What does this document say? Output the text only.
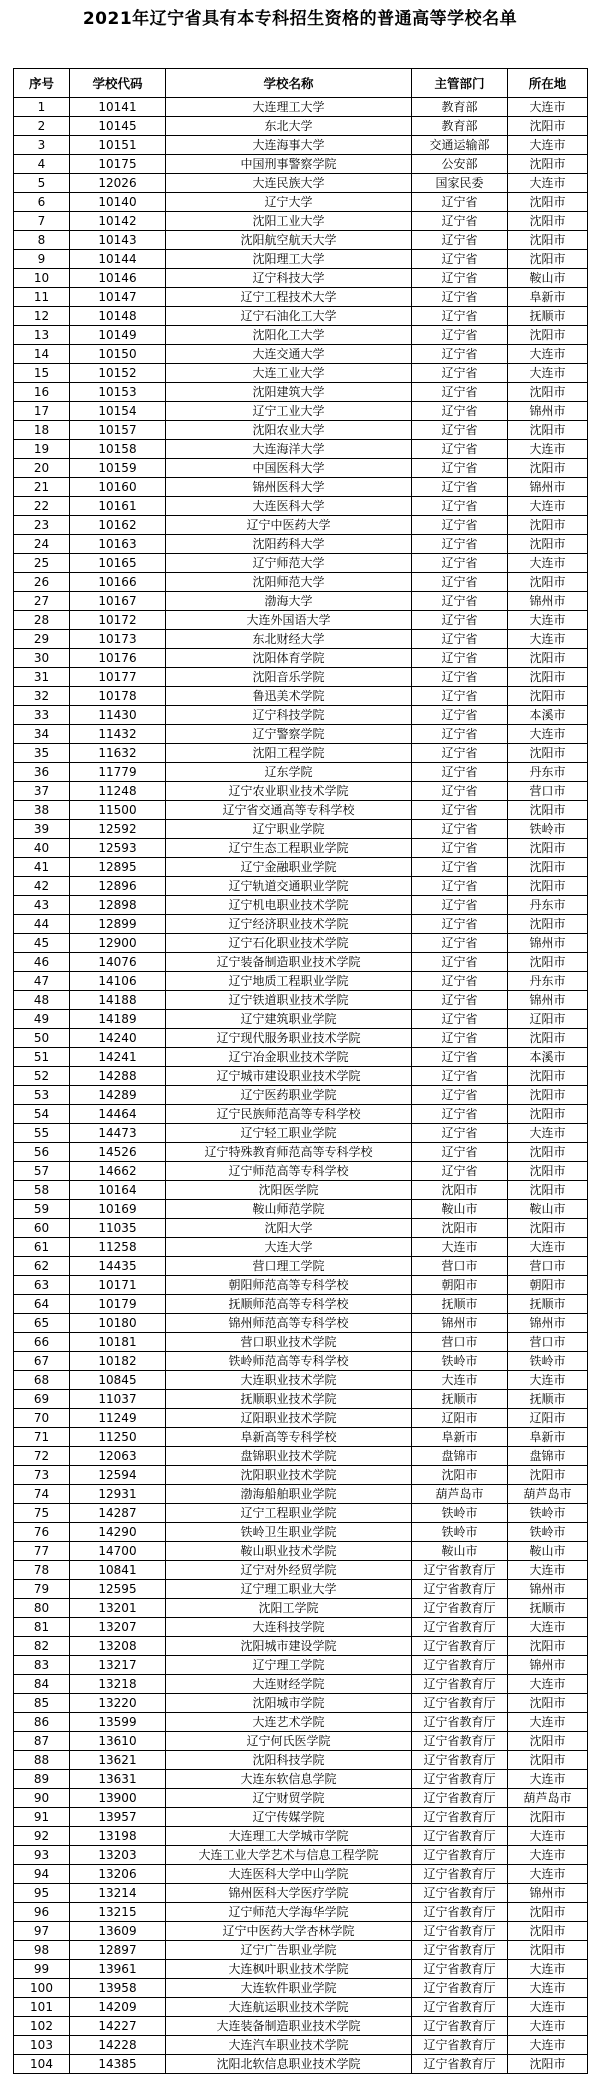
2021年辽宁省具有本专科招生资格的普通高等学校名单
序号	学校代码	学校名称	主管部门	所在地
1	10141	大连理工大学	教育部	大连市
2	10145	东北大学	教育部	沈阳市
3	10151	大连海事大学	交通运输部	大连市
4	10175	中国刑事警察学院	公安部	沈阳市
5	12026	大连民族大学	国家民委	大连市
6	10140	辽宁大学	辽宁省	沈阳市
7	10142	沈阳工业大学	辽宁省	沈阳市
8	10143	沈阳航空航天大学	辽宁省	沈阳市
9	10144	沈阳理工大学	辽宁省	沈阳市
10	10146	辽宁科技大学	辽宁省	鞍山市
11	10147	辽宁工程技术大学	辽宁省	阜新市
12	10148	辽宁石油化工大学	辽宁省	抚顺市
13	10149	沈阳化工大学	辽宁省	沈阳市
14	10150	大连交通大学	辽宁省	大连市
15	10152	大连工业大学	辽宁省	大连市
16	10153	沈阳建筑大学	辽宁省	沈阳市
17	10154	辽宁工业大学	辽宁省	锦州市
18	10157	沈阳农业大学	辽宁省	沈阳市
19	10158	大连海洋大学	辽宁省	大连市
20	10159	中国医科大学	辽宁省	沈阳市
21	10160	锦州医科大学	辽宁省	锦州市
22	10161	大连医科大学	辽宁省	大连市
23	10162	辽宁中医药大学	辽宁省	沈阳市
24	10163	沈阳药科大学	辽宁省	沈阳市
25	10165	辽宁师范大学	辽宁省	大连市
26	10166	沈阳师范大学	辽宁省	沈阳市
27	10167	渤海大学	辽宁省	锦州市
28	10172	大连外国语大学	辽宁省	大连市
29	10173	东北财经大学	辽宁省	大连市
30	10176	沈阳体育学院	辽宁省	沈阳市
31	10177	沈阳音乐学院	辽宁省	沈阳市
32	10178	鲁迅美术学院	辽宁省	沈阳市
33	11430	辽宁科技学院	辽宁省	本溪市
34	11432	辽宁警察学院	辽宁省	大连市
35	11632	沈阳工程学院	辽宁省	沈阳市
36	11779	辽东学院	辽宁省	丹东市
37	11248	辽宁农业职业技术学院	辽宁省	营口市
38	11500	辽宁省交通高等专科学校	辽宁省	沈阳市
39	12592	辽宁职业学院	辽宁省	铁岭市
40	12593	辽宁生态工程职业学院	辽宁省	沈阳市
41	12895	辽宁金融职业学院	辽宁省	沈阳市
42	12896	辽宁轨道交通职业学院	辽宁省	沈阳市
43	12898	辽宁机电职业技术学院	辽宁省	丹东市
44	12899	辽宁经济职业技术学院	辽宁省	沈阳市
45	12900	辽宁石化职业技术学院	辽宁省	锦州市
46	14076	辽宁装备制造职业技术学院	辽宁省	沈阳市
47	14106	辽宁地质工程职业学院	辽宁省	丹东市
48	14188	辽宁铁道职业技术学院	辽宁省	锦州市
49	14189	辽宁建筑职业学院	辽宁省	辽阳市
50	14240	辽宁现代服务职业技术学院	辽宁省	沈阳市
51	14241	辽宁冶金职业技术学院	辽宁省	本溪市
52	14288	辽宁城市建设职业技术学院	辽宁省	沈阳市
53	14289	辽宁医药职业学院	辽宁省	沈阳市
54	14464	辽宁民族师范高等专科学校	辽宁省	沈阳市
55	14473	辽宁轻工职业学院	辽宁省	大连市
56	14526	辽宁特殊教育师范高等专科学校	辽宁省	沈阳市
57	14662	辽宁师范高等专科学校	辽宁省	沈阳市
58	10164	沈阳医学院	沈阳市	沈阳市
59	10169	鞍山师范学院	鞍山市	鞍山市
60	11035	沈阳大学	沈阳市	沈阳市
61	11258	大连大学	大连市	大连市
62	14435	营口理工学院	营口市	营口市
63	10171	朝阳师范高等专科学校	朝阳市	朝阳市
64	10179	抚顺师范高等专科学校	抚顺市	抚顺市
65	10180	锦州师范高等专科学校	锦州市	锦州市
66	10181	营口职业技术学院	营口市	营口市
67	10182	铁岭师范高等专科学校	铁岭市	铁岭市
68	10845	大连职业技术学院	大连市	大连市
69	11037	抚顺职业技术学院	抚顺市	抚顺市
70	11249	辽阳职业技术学院	辽阳市	辽阳市
71	11250	阜新高等专科学校	阜新市	阜新市
72	12063	盘锦职业技术学院	盘锦市	盘锦市
73	12594	沈阳职业技术学院	沈阳市	沈阳市
74	12931	渤海船舶职业学院	葫芦岛市	葫芦岛市
75	14287	辽宁工程职业学院	铁岭市	铁岭市
76	14290	铁岭卫生职业学院	铁岭市	铁岭市
77	14700	鞍山职业技术学院	鞍山市	鞍山市
78	10841	辽宁对外经贸学院	辽宁省教育厅	大连市
79	12595	辽宁理工职业大学	辽宁省教育厅	锦州市
80	13201	沈阳工学院	辽宁省教育厅	抚顺市
81	13207	大连科技学院	辽宁省教育厅	大连市
82	13208	沈阳城市建设学院	辽宁省教育厅	沈阳市
83	13217	辽宁理工学院	辽宁省教育厅	锦州市
84	13218	大连财经学院	辽宁省教育厅	大连市
85	13220	沈阳城市学院	辽宁省教育厅	沈阳市
86	13599	大连艺术学院	辽宁省教育厅	大连市
87	13610	辽宁何氏医学院	辽宁省教育厅	沈阳市
88	13621	沈阳科技学院	辽宁省教育厅	沈阳市
89	13631	大连东软信息学院	辽宁省教育厅	大连市
90	13900	辽宁财贸学院	辽宁省教育厅	葫芦岛市
91	13957	辽宁传媒学院	辽宁省教育厅	沈阳市
92	13198	大连理工大学城市学院	辽宁省教育厅	大连市
93	13203	大连工业大学艺术与信息工程学院	辽宁省教育厅	大连市
94	13206	大连医科大学中山学院	辽宁省教育厅	大连市
95	13214	锦州医科大学医疗学院	辽宁省教育厅	锦州市
96	13215	辽宁师范大学海华学院	辽宁省教育厅	沈阳市
97	13609	辽宁中医药大学杏林学院	辽宁省教育厅	沈阳市
98	12897	辽宁广告职业学院	辽宁省教育厅	沈阳市
99	13961	大连枫叶职业技术学院	辽宁省教育厅	大连市
100	13958	大连软件职业学院	辽宁省教育厅	大连市
101	14209	大连航运职业技术学院	辽宁省教育厅	大连市
102	14227	大连装备制造职业技术学院	辽宁省教育厅	大连市
103	14228	大连汽车职业技术学院	辽宁省教育厅	大连市
104	14385	沈阳北软信息职业技术学院	辽宁省教育厅	沈阳市
